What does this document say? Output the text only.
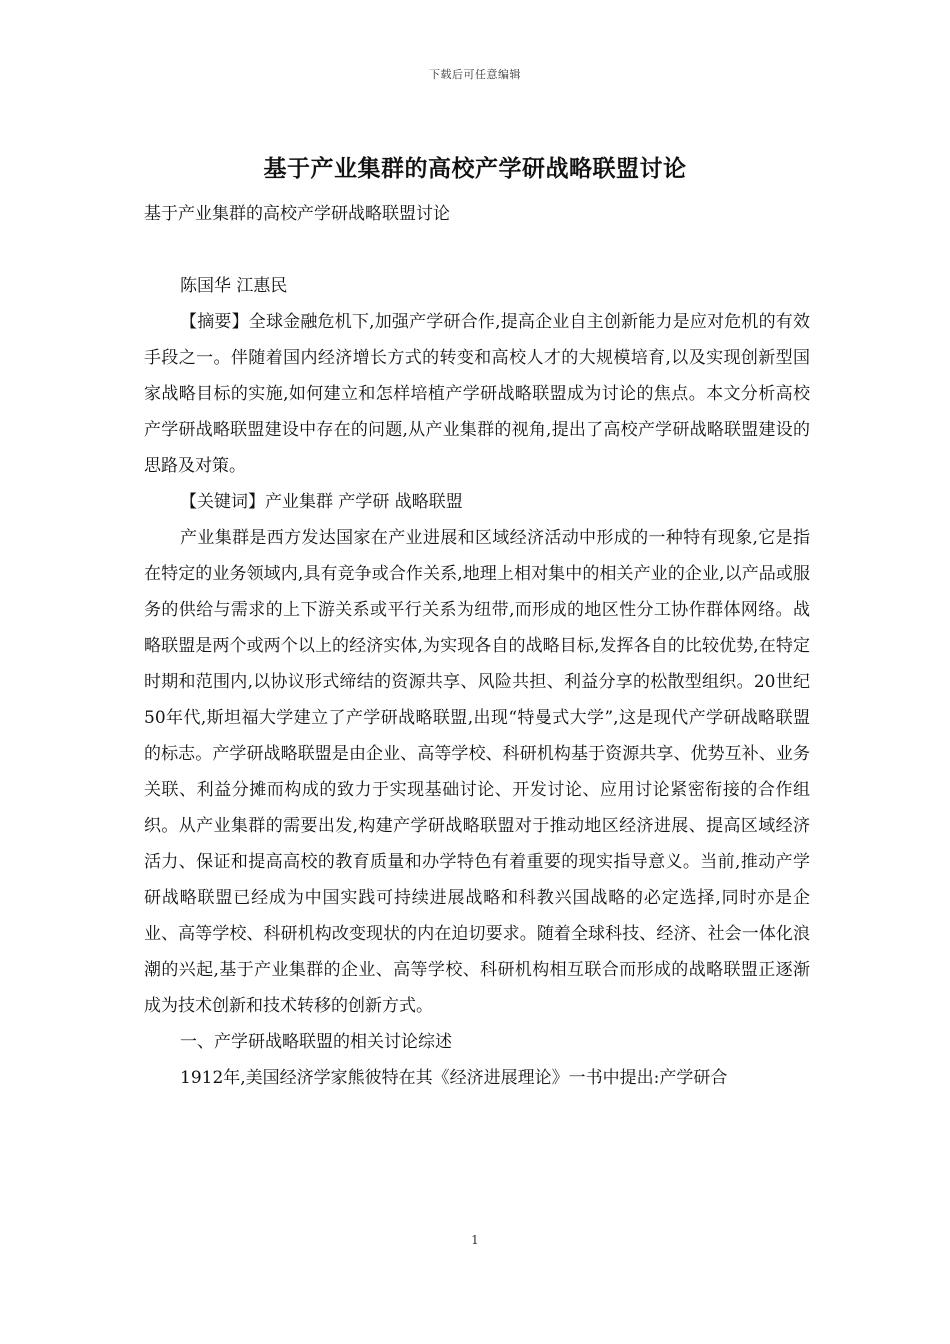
下载后可任意编辑
基于产业集群的高校产学研战略联盟讨论

基于产业集群的高校产学研战略联盟讨论

陈国华 江惠民

【摘要】全球金融危机下,加强产学研合作,提高企业自主创新能力是应对危机的有效手段之一。伴随着国内经济增长方式的转变和高校人才的大规模培育,以及实现创新型国家战略目标的实施,如何建立和怎样培植产学研战略联盟成为讨论的焦点。本文分析高校产学研战略联盟建设中存在的问题,从产业集群的视角,提出了高校产学研战略联盟建设的思路及对策。

【关键词】产业集群 产学研 战略联盟

产业集群是西方发达国家在产业进展和区域经济活动中形成的一种特有现象,它是指在特定的业务领域内,具有竞争或合作关系,地理上相对集中的相关产业的企业,以产品或服务的供给与需求的上下游关系或平行关系为纽带,而形成的地区性分工协作群体网络。战略联盟是两个或两个以上的经济实体,为实现各自的战略目标,发挥各自的比较优势,在特定时期和范围内,以协议形式缔结的资源共享、风险共担、利益分享的松散型组织。20世纪50年代,斯坦福大学建立了产学研战略联盟,出现“特曼式大学”,这是现代产学研战略联盟的标志。产学研战略联盟是由企业、高等学校、科研机构基于资源共享、优势互补、业务关联、利益分摊而构成的致力于实现基础讨论、开发讨论、应用讨论紧密衔接的合作组织。从产业集群的需要出发,构建产学研战略联盟对于推动地区经济进展、提高区域经济活力、保证和提高高校的教育质量和办学特色有着重要的现实指导意义。当前,推动产学研战略联盟已经成为中国实践可持续进展战略和科教兴国战略的必定选择,同时亦是企业、高等学校、科研机构改变现状的内在迫切要求。随着全球科技、经济、社会一体化浪潮的兴起,基于产业集群的企业、高等学校、科研机构相互联合而形成的战略联盟正逐渐成为技术创新和技术转移的创新方式。

一、产学研战略联盟的相关讨论综述

1912年,美国经济学家熊彼特在其《经济进展理论》一书中提出:产学研合

1
